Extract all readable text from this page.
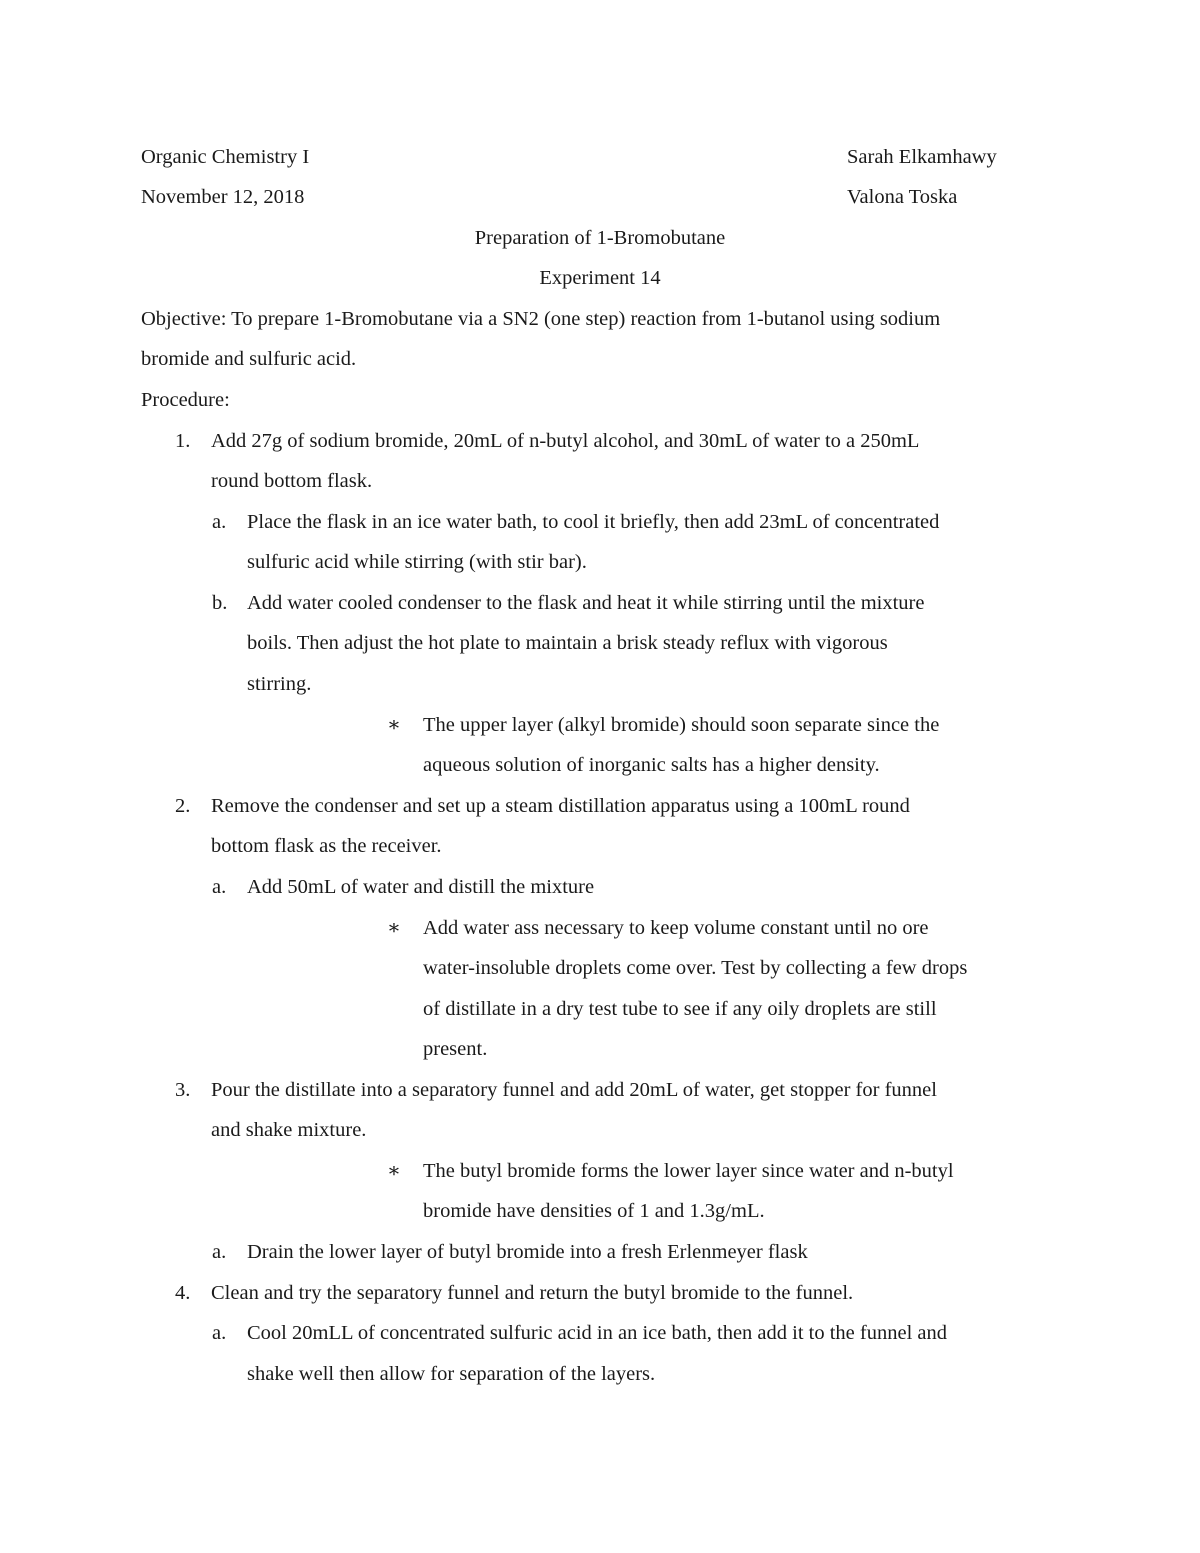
Organic Chemistry I	Sarah Elkamhawy
November 12, 2018	Valona Toska
Preparation of 1-Bromobutane
Experiment 14
Objective: To prepare 1-Bromobutane via a SN2 (one step) reaction from 1-butanol using sodium
bromide and sulfuric acid.
Procedure:
1. Add 27g of sodium bromide, 20mL of n-butyl alcohol, and 30mL of water to a 250mL
round bottom flask.
a. Place the flask in an ice water bath, to cool it briefly, then add 23mL of concentrated
sulfuric acid while stirring (with stir bar).
b. Add water cooled condenser to the flask and heat it while stirring until the mixture
boils. Then adjust the hot plate to maintain a brisk steady reflux with vigorous
stirring.
∗ The upper layer (alkyl bromide) should soon separate since the
aqueous solution of inorganic salts has a higher density.
2. Remove the condenser and set up a steam distillation apparatus using a 100mL round
bottom flask as the receiver.
a. Add 50mL of water and distill the mixture
∗ Add water ass necessary to keep volume constant until no ore
water-insoluble droplets come over. Test by collecting a few drops
of distillate in a dry test tube to see if any oily droplets are still
present.
3. Pour the distillate into a separatory funnel and add 20mL of water, get stopper for funnel
and shake mixture.
∗ The butyl bromide forms the lower layer since water and n-butyl
bromide have densities of 1 and 1.3g/mL.
a. Drain the lower layer of butyl bromide into a fresh Erlenmeyer flask
4. Clean and try the separatory funnel and return the butyl bromide to the funnel.
a. Cool 20mLL of concentrated sulfuric acid in an ice bath, then add it to the funnel and
shake well then allow for separation of the layers.
